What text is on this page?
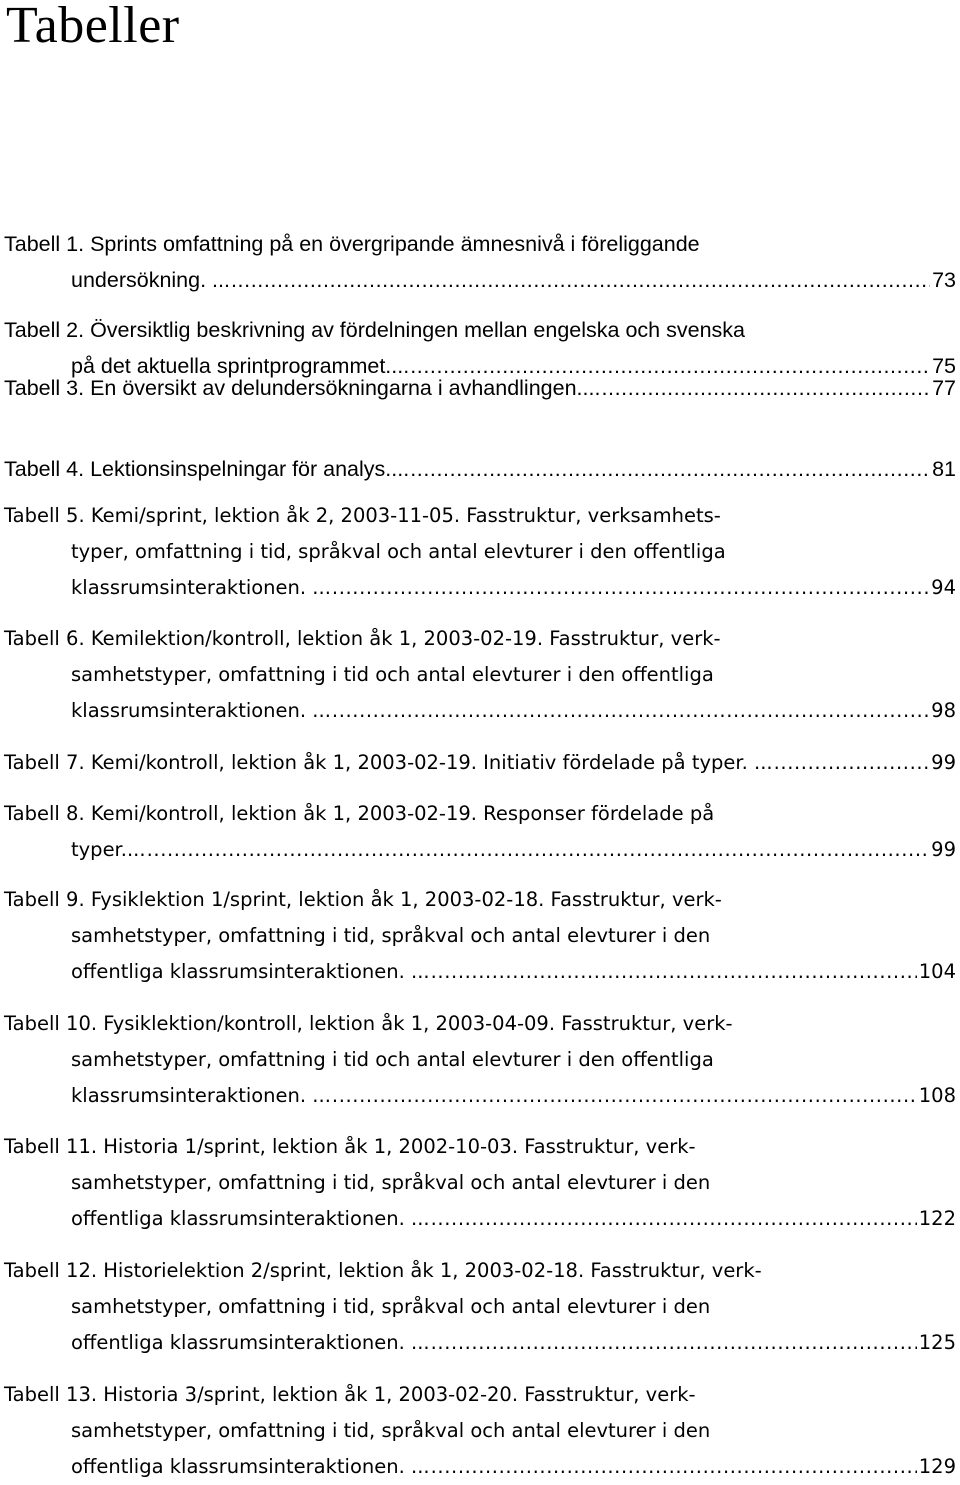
Tabeller
Tabell 1. Sprints omfattning på en övergripande ämnesnivå i föreliggande
undersökning. ... .....	73
Tabell 2. Översiktlig beskrivning av fördelningen mellan engelska och svenska
på det aktuella sprintprogrammet.... .....	75
Tabell 3. En översikt av delundersökningarna i avhandlingen.... .....	77
Tabell 4. Lektionsinspelningar för analys.... .....	81
Tabell 5. Kemi/sprint, lektion åk 2, 2003-11-05. Fasstruktur, verksamhets-
typer, omfattning i tid, språkval och antal elevturer i den offentliga
klassrumsinteraktionen. ... .....	94
Tabell 6. Kemilektion/kontroll, lektion åk 1, 2003-02-19. Fasstruktur, verk-
samhetstyper, omfattning i tid och antal elevturer i den offentliga
klassrumsinteraktionen. ... .....	98
Tabell 7. Kemi/kontroll, lektion åk 1, 2003-02-19. Initiativ fördelade på typer. ... .....	99
Tabell 8. Kemi/kontroll, lektion åk 1, 2003-02-19. Responser fördelade på
typer.... .....	99
Tabell 9. Fysiklektion 1/sprint, lektion åk 1, 2003-02-18. Fasstruktur, verk-
samhetstyper, omfattning i tid, språkval och antal elevturer i den
offentliga klassrumsinteraktionen. ... .....	104
Tabell 10. Fysiklektion/kontroll, lektion åk 1, 2003-04-09. Fasstruktur, verk-
samhetstyper, omfattning i tid och antal elevturer i den offentliga
klassrumsinteraktionen. ... .....	108
Tabell 11. Historia 1/sprint, lektion åk 1, 2002-10-03. Fasstruktur, verk-
samhetstyper, omfattning i tid, språkval och antal elevturer i den
offentliga klassrumsinteraktionen. ... .....	122
Tabell 12. Historielektion 2/sprint, lektion åk 1, 2003-02-18. Fasstruktur, verk-
samhetstyper, omfattning i tid, språkval och antal elevturer i den
offentliga klassrumsinteraktionen. ... .....	125
Tabell 13. Historia 3/sprint, lektion åk 1, 2003-02-20. Fasstruktur, verk-
samhetstyper, omfattning i tid, språkval och antal elevturer i den
offentliga klassrumsinteraktionen. ... .....	129
